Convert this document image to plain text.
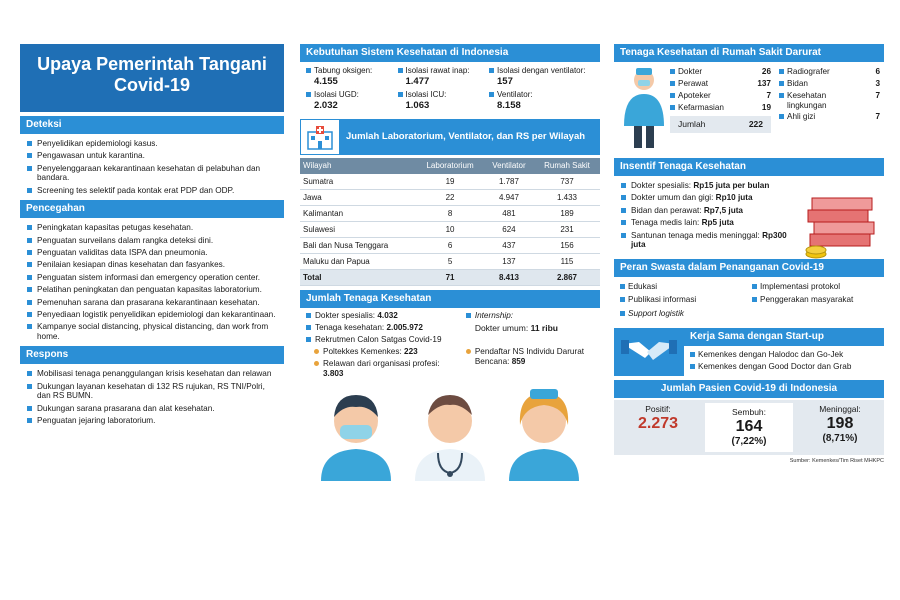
Upaya Pemerintah Tangani Covid-19
Deteksi
Penyelidikan epidemiologi kasus.
Pengawasan untuk karantina.
Penyelenggaraan kekarantinaan kesehatan di pelabuhan dan bandara.
Screening tes selektif pada kontak erat PDP dan ODP.
Pencegahan
Peningkatan kapasitas petugas kesehatan.
Penguatan surveilans dalam rangka deteksi dini.
Penguatan validitas data ISPA dan pneumonia.
Penilaian kesiapan dinas kesehatan dan fasyankes.
Penguatan sistem informasi dan emergency operation center.
Pelatihan peningkatan dan penguatan kapasitas laboratorium.
Pemenuhan sarana dan prasarana kekarantinaan kesehatan.
Penyediaan logistik penyelidikan epidemiologi dan kekarantinaan.
Kampanye social distancing, physical distancing, dan work from home.
Respons
Mobilisasi tenaga penanggulangan krisis kesehatan dan relawan
Dukungan layanan kesehatan di 132 RS rujukan, RS TNI/Polri, dan RS BUMN.
Dukungan sarana prasarana dan alat kesehatan.
Penguatan jejaring laboratorium.
Kebutuhan Sistem Kesehatan di Indonesia
Tabung oksigen:
4.155
Isolasi rawat inap:
1.477
Isolasi dengan ventilator:
157
Isolasi UGD:
2.032
Isolasi ICU:
1.063
Ventilator:
8.158
Jumlah Laboratorium, Ventilator, dan RS per Wilayah
Wilayah	Laboratorium	Ventilator	Rumah Sakit
Sumatra	19	1.787	737
Jawa	22	4.947	1.433
Kalimantan	8	481	189
Sulawesi	10	624	231
Bali dan Nusa Tenggara	6	437	156
Maluku dan Papua	5	137	115
Total	71	8.413	2.867
Jumlah Tenaga Kesehatan
Dokter spesialis: 4.032	Internship:
Tenaga kesehatan: 2.005.972	Dokter umum: 11 ribu
Rekrutmen Calon Satgas Covid-19
Poltekkes Kemenkes: 223	Pendaftar NS Individu Darurat Bencana: 859
Relawan dari organisasi profesi: 3.803
Tenaga Kesehatan di Rumah Sakit Darurat
Dokter	26
Perawat	137
Apoteker	7
Kefarmasian	19
Jumlah	222
Radiografer	6
Bidan	3
Kesehatan lingkungan
7
Ahli gizi	7
Insentif Tenaga Kesehatan
Dokter spesialis: Rp15 juta per bulan
Dokter umum dan gigi: Rp10 juta
Bidan dan perawat: Rp7,5 juta
Tenaga medis lain: Rp5 juta
Santunan tenaga medis meninggal: Rp300 juta
Peran Swasta dalam Penanganan Covid-19
Edukasi	Implementasi protokol
Publikasi informasi	Penggerakan masyarakat
Support logistik
Kerja Sama dengan Start-up
Kemenkes dengan Halodoc dan Go-Jek
Kemenkes dengan Good Doctor dan Grab
Jumlah Pasien Covid-19 di Indonesia
Positif:
2.273
Sembuh:
164
(7,22%)
Meninggal:
198
(8,71%)
Sumber: Kemenkes/Tim Riset MHKPC
